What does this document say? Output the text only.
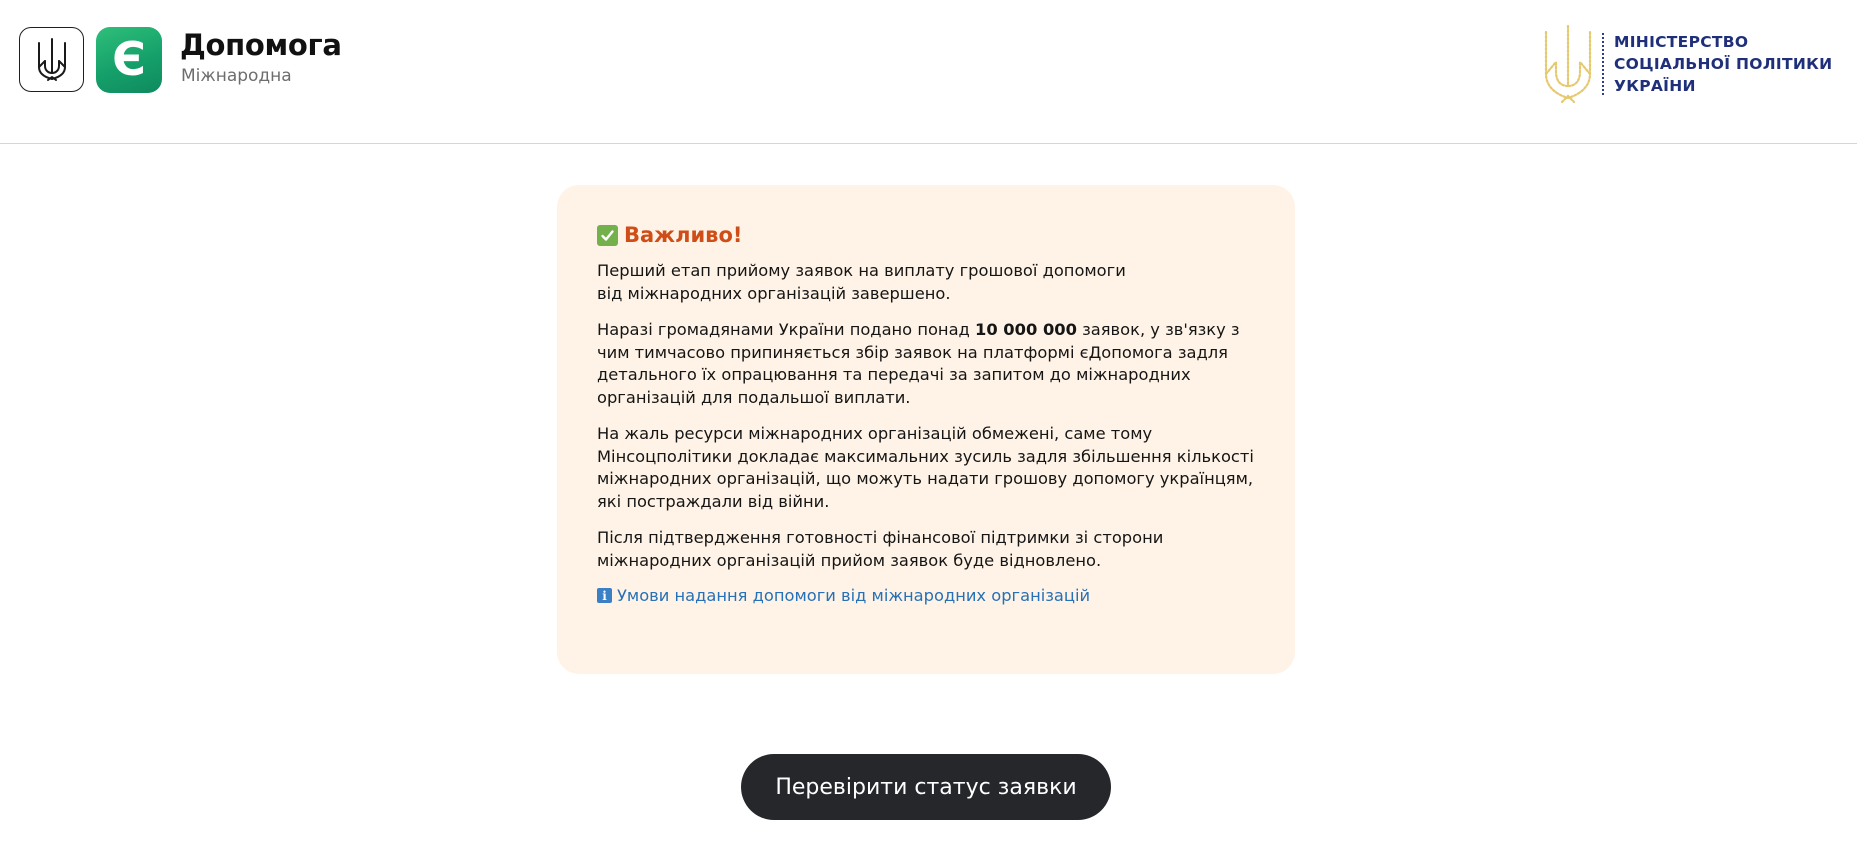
Є Допомога
Міжнародна
МІНІСТЕРСТВО
СОЦІАЛЬНОЇ ПОЛІТИКИ
УКРАЇНИ
Важливо!

Перший етап прийому заявок на виплату грошової допомоги
від міжнародних організацій завершено.

Наразі громадянами України подано понад 10 000 000 заявок, у зв'язку з чим тимчасово припиняється збір заявок на платформі єДопомога задля детального їх опрацювання та передачі за запитом до міжнародних організацій для подальшої виплати.

На жаль ресурси міжнародних організацій обмежені, саме тому Мінсоцполітики докладає максимальних зусиль задля збільшення кількості міжнародних організацій, що можуть надати грошову допомогу українцям, які постраждали від війни.

Після підтвердження готовності фінансової підтримки зі сторони міжнародних організацій прийом заявок буде відновлено.

i Умови надання допомоги від міжнародних організацій
Перевірити статус заявки
